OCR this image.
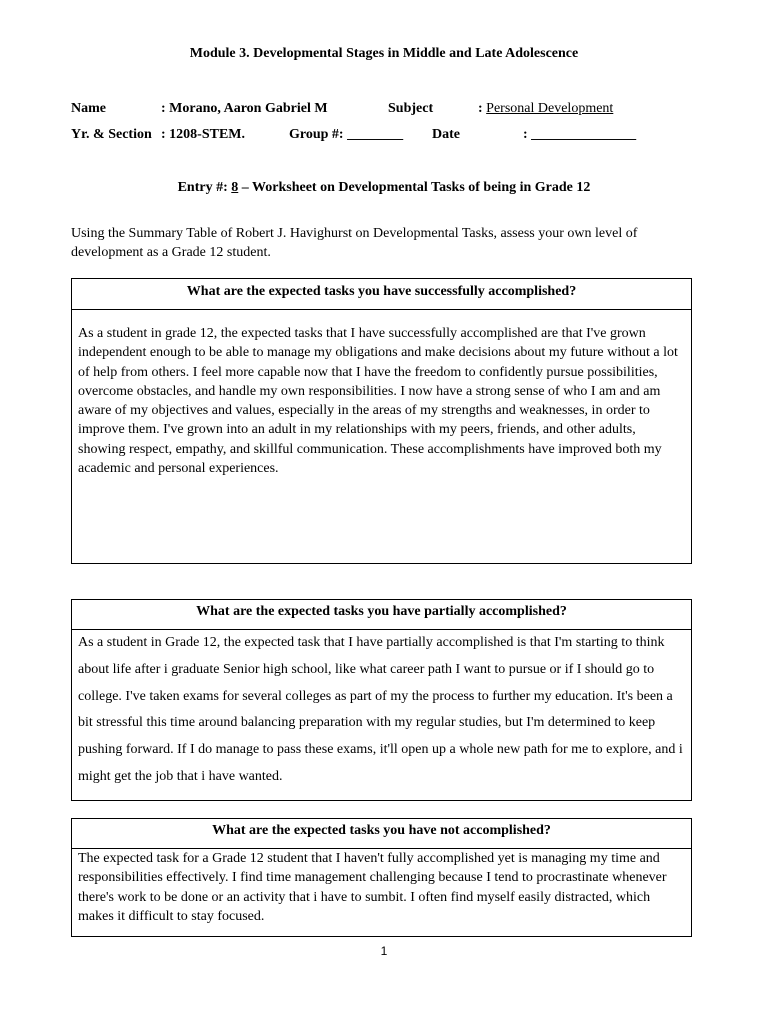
Module 3. Developmental Stages in Middle and Late Adolescence
Name	: Morano, Aaron Gabriel M	Subject	: Personal Development
Yr. & Section : 1208-STEM.	Group #: ________ Date	: _______________
Entry #: 8 – Worksheet on Developmental Tasks of being in Grade 12
Using the Summary Table of Robert J. Havighurst on Developmental Tasks, assess your own level of development as a Grade 12 student.
What are the expected tasks you have successfully accomplished?
As a student in grade 12, the expected tasks that I have successfully accomplished are that I've grown independent enough to be able to manage my obligations and make decisions about my future without a lot of help from others. I feel more capable now that I have the freedom to confidently pursue possibilities, overcome obstacles, and handle my own responsibilities. I now have a strong sense of who I am and am aware of my objectives and values, especially in the areas of my strengths and weaknesses, in order to improve them. I've grown into an adult in my relationships with my peers, friends, and other adults, showing respect, empathy, and skillful communication. These accomplishments have improved both my academic and personal experiences.
What are the expected tasks you have partially accomplished?
As a student in Grade 12, the expected task that I have partially accomplished is that I'm starting to think about life after i graduate Senior high school, like what career path I want to pursue or if I should go to college. I've taken exams for several colleges as part of my the process to further my education. It's been a bit stressful this time around balancing preparation with my regular studies, but I'm determined to keep pushing forward. If I do manage to pass these exams, it'll open up a whole new path for me to explore, and i might get the job that i have wanted.
What are the expected tasks you have not accomplished?
The expected task for a Grade 12 student that I haven't fully accomplished yet is managing my time and responsibilities effectively. I find time management challenging because I tend to procrastinate whenever there's work to be done or an activity that i have to sumbit. I often find myself easily distracted, which makes it difficult to stay focused.
1
